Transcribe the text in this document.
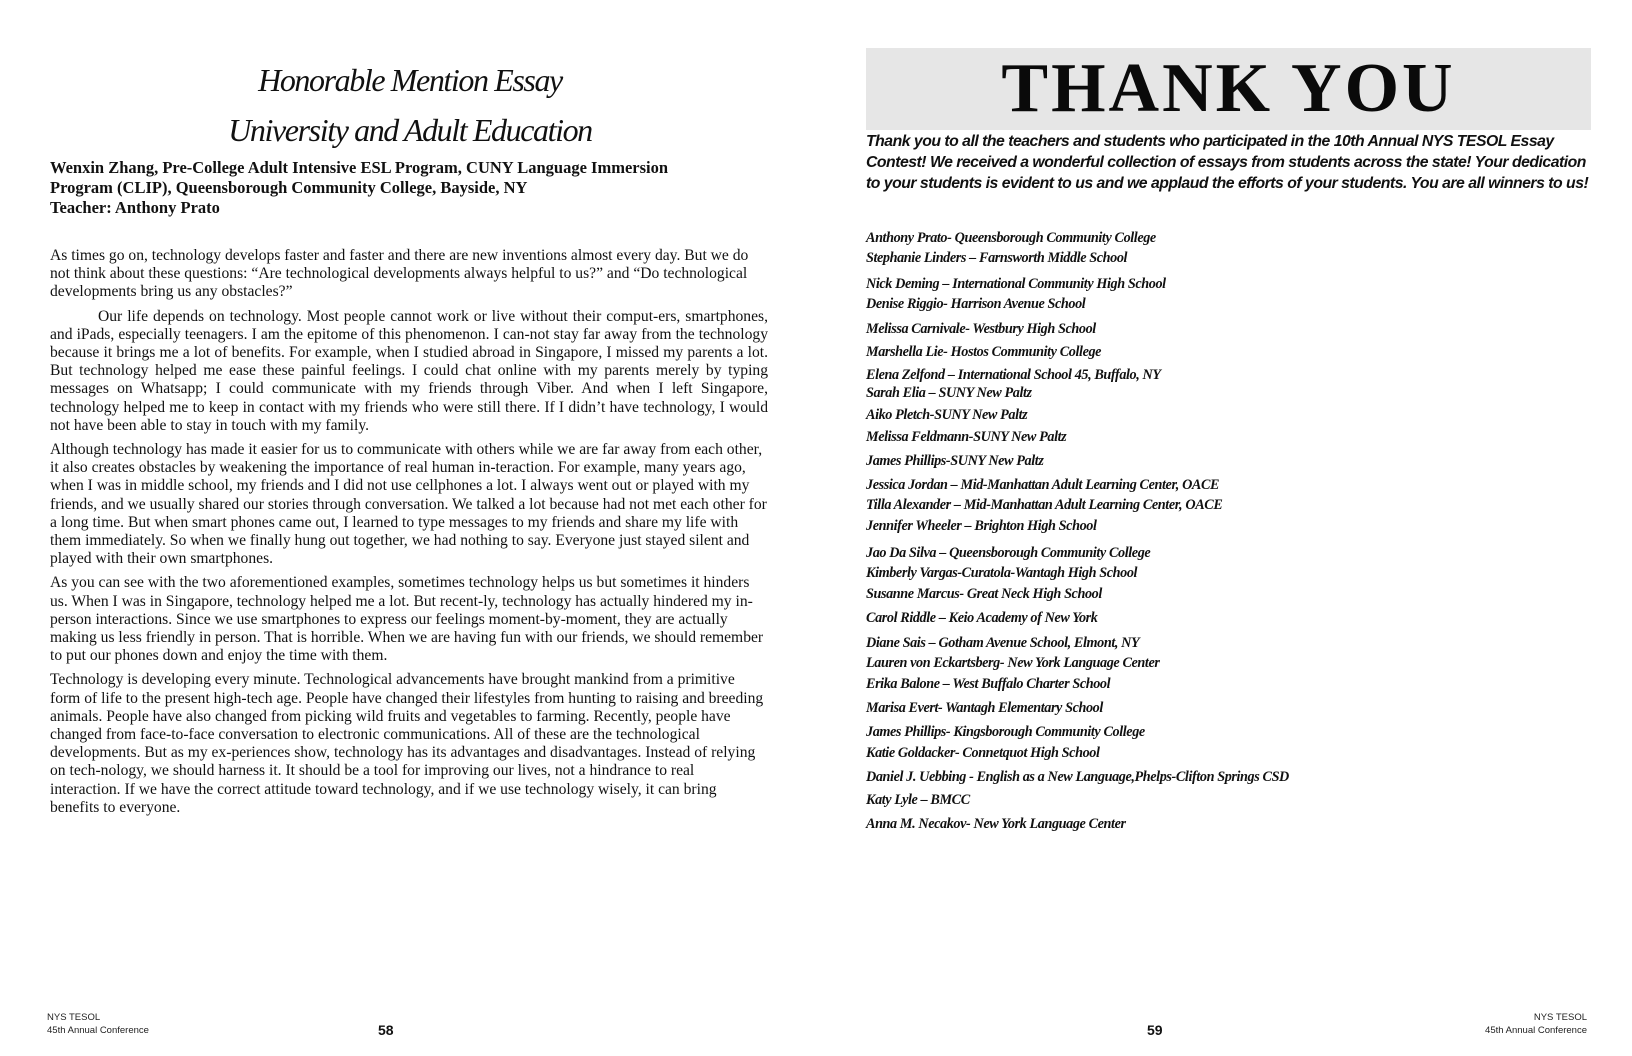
Honorable Mention Essay
University and Adult Education
Wenxin Zhang, Pre-College Adult Intensive ESL Program, CUNY Language Immersion
Program (CLIP), Queensborough Community College, Bayside, NY
Teacher: Anthony Prato

As times go on, technology develops faster and faster and there are new inventions almost every day. But we do not think about these questions: “Are technological developments always helpful to us?” and “Do technological developments bring us any obstacles?”

Our life depends on technology. Most people cannot work or live without their comput-ers, smartphones, and iPads, especially teenagers. I am the epitome of this phenomenon. I can-not stay far away from the technology because it brings me a lot of benefits. For example, when I studied abroad in Singapore, I missed my parents a lot. But technology helped me ease these painful feelings. I could chat online with my parents merely by typing messages on Whatsapp; I could communicate with my friends through Viber. And when I left Singapore, technology helped me to keep in contact with my friends who were still there. If I didn’t have technology, I would not have been able to stay in touch with my family.

Although technology has made it easier for us to communicate with others while we are far away from each other, it also creates obstacles by weakening the importance of real human in-teraction. For example, many years ago, when I was in middle school, my friends and I did not use cellphones a lot. I always went out or played with my friends, and we usually shared our stories through conversation. We talked a lot because had not met each other for a long time. But when smart phones came out, I learned to type messages to my friends and share my life with them immediately. So when we finally hung out together, we had nothing to say. Everyone just stayed silent and played with their own smartphones.

As you can see with the two aforementioned examples, sometimes technology helps us but sometimes it hinders us. When I was in Singapore, technology helped me a lot. But recent-ly, technology has actually hindered my in-person interactions. Since we use smartphones to express our feelings moment-by-moment, they are actually making us less friendly in person. That is horrible. When we are having fun with our friends, we should remember to put our phones down and enjoy the time with them.

Technology is developing every minute. Technological advancements have brought mankind from a primitive form of life to the present high-tech age. People have changed their lifestyles from hunting to raising and breeding animals. People have also changed from picking wild fruits and vegetables to farming. Recently, people have changed from face-to-face conversation to electronic communications. All of these are the technological developments. But as my ex-periences show, technology has its advantages and disadvantages. Instead of relying on tech-nology, we should harness it. It should be a tool for improving our lives, not a hindrance to real interaction. If we have the correct attitude toward technology, and if we use technology wisely, it can bring benefits to everyone.

NYS TESOL
45th Annual Conference	58
THANK YOU

Thank you to all the teachers and students who participated in the 10th Annual NYS TESOL Essay Contest! We received a wonderful collection of essays from students across the state! Your dedication to your students is evident to us and we applaud the efforts of your students. You are all winners to us!

Anthony Prato- Queensborough Community College
Stephanie Linders – Farnsworth Middle School
Nick Deming – International Community High School
Denise Riggio- Harrison Avenue School
Melissa Carnivale- Westbury High School
Marshella Lie- Hostos Community College
Elena Zelfond – International School 45, Buffalo, NY
Sarah Elia – SUNY New Paltz
Aiko Pletch-SUNY New Paltz
Melissa Feldmann-SUNY New Paltz
James Phillips-SUNY New Paltz
Jessica Jordan – Mid-Manhattan Adult Learning Center, OACE
Tilla Alexander – Mid-Manhattan Adult Learning Center, OACE
Jennifer Wheeler – Brighton High School
Jao Da Silva – Queensborough Community College
Kimberly Vargas-Curatola-Wantagh High School
Susanne Marcus- Great Neck High School
Carol Riddle – Keio Academy of New York
Diane Sais – Gotham Avenue School, Elmont, NY
Lauren von Eckartsberg- New York Language Center
Erika Balone – West Buffalo Charter School
Marisa Evert- Wantagh Elementary School
James Phillips- Kingsborough Community College
Katie Goldacker- Connetquot High School
Daniel J. Uebbing - English as a New Language,Phelps-Clifton Springs CSD
Katy Lyle – BMCC
Anna M. Necakov- New York Language Center
59
NYS TESOL
45th Annual Conference
